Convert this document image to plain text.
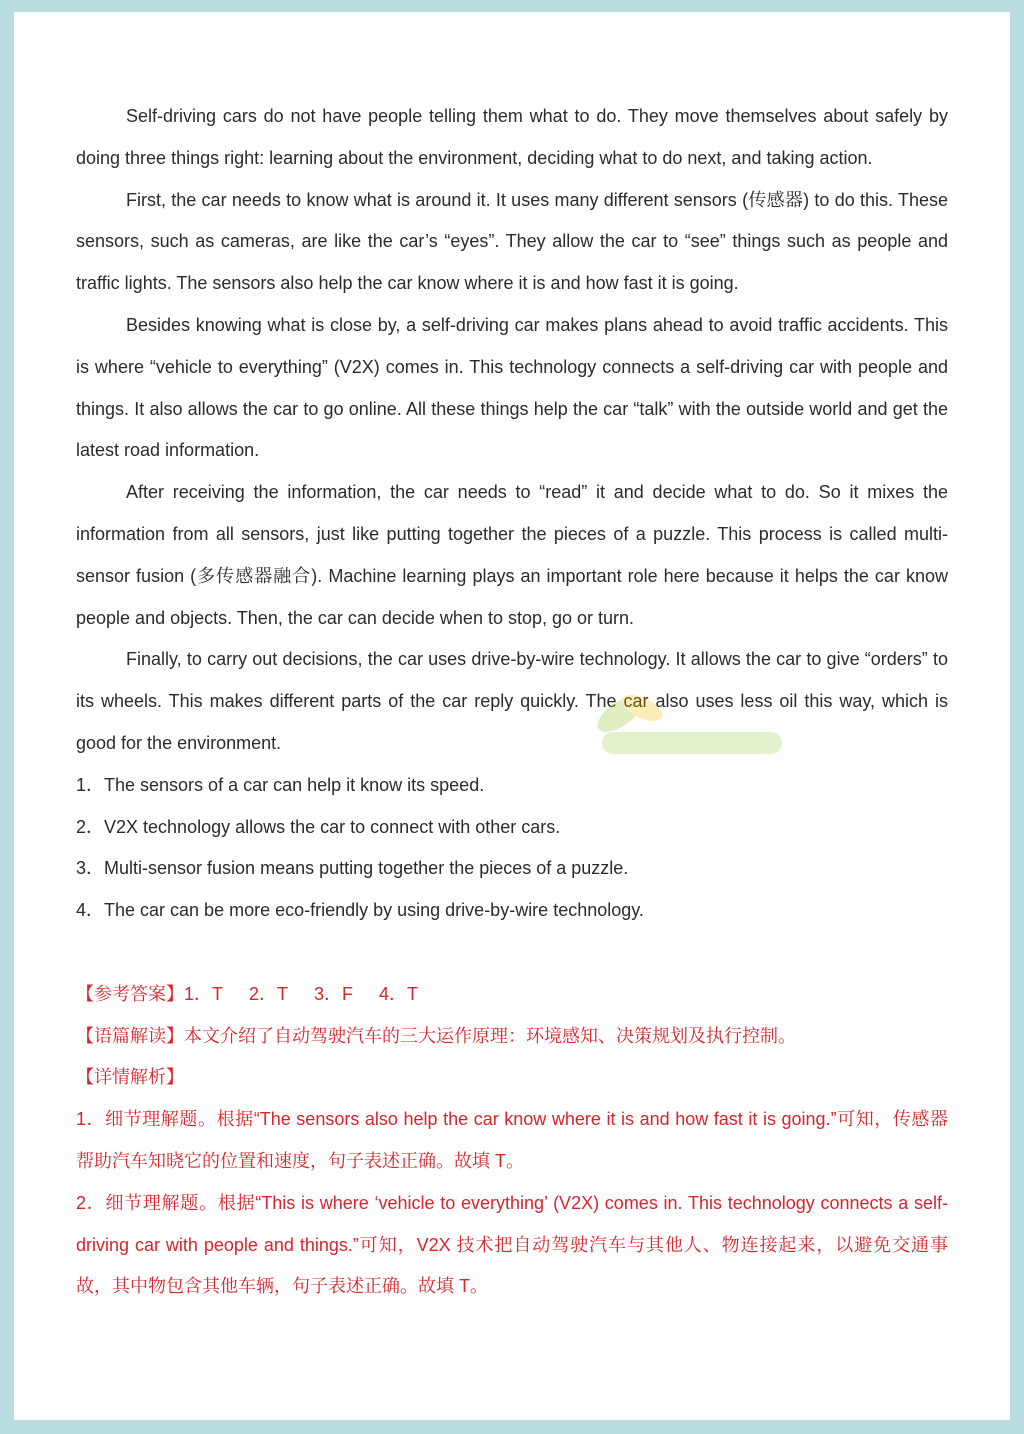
Self-driving cars do not have people telling them what to do. They move themselves about safely by doing three things right: learning about the environment, deciding what to do next, and taking action.

First, the car needs to know what is around it. It uses many different sensors (传感器) to do this. These sensors, such as cameras, are like the car’s “eyes”. They allow the car to “see” things such as people and traffic lights. The sensors also help the car know where it is and how fast it is going.

Besides knowing what is close by, a self-driving car makes plans ahead to avoid traffic accidents. This is where “vehicle to everything” (V2X) comes in. This technology connects a self-driving car with people and things. It also allows the car to go online. All these things help the car “talk” with the outside world and get the latest road information.

After receiving the information, the car needs to “read” it and decide what to do. So it mixes the information from all sensors, just like putting together the pieces of a puzzle. This process is called multi-sensor fusion (多传感器融合). Machine learning plays an important role here because it helps the car know people and objects. Then, the car can decide when to stop, go or turn.

Finally, to carry out decisions, the car uses drive-by-wire technology. It allows the car to give “orders” to its wheels. This makes different parts of the car reply quickly. The car also uses less oil this way, which is good for the environment.

1．The sensors of a car can help it know its speed.

2．V2X technology allows the car to connect with other cars.

3．Multi-sensor fusion means putting together the pieces of a puzzle.

4．The car can be more eco-friendly by using drive-by-wire technology.

【参考答案】1．T 2．T 3．F 4．T

【语篇解读】本文介绍了自动驾驶汽车的三大运作原理：环境感知、决策规划及执行控制。

【详情解析】

1．细节理解题。根据“The sensors also help the car know where it is and how fast it is going.”可知，传感器帮助汽车知晓它的位置和速度，句子表述正确。故填 T。

2．细节理解题。根据“This is where ‘vehicle to everything’ (V2X) comes in. This technology connects a self-driving car with people and things.”可知，V2X 技术把自动驾驶汽车与其他人、物连接起来，以避免交通事故，其中物包含其他车辆，句子表述正确。故填 T。
